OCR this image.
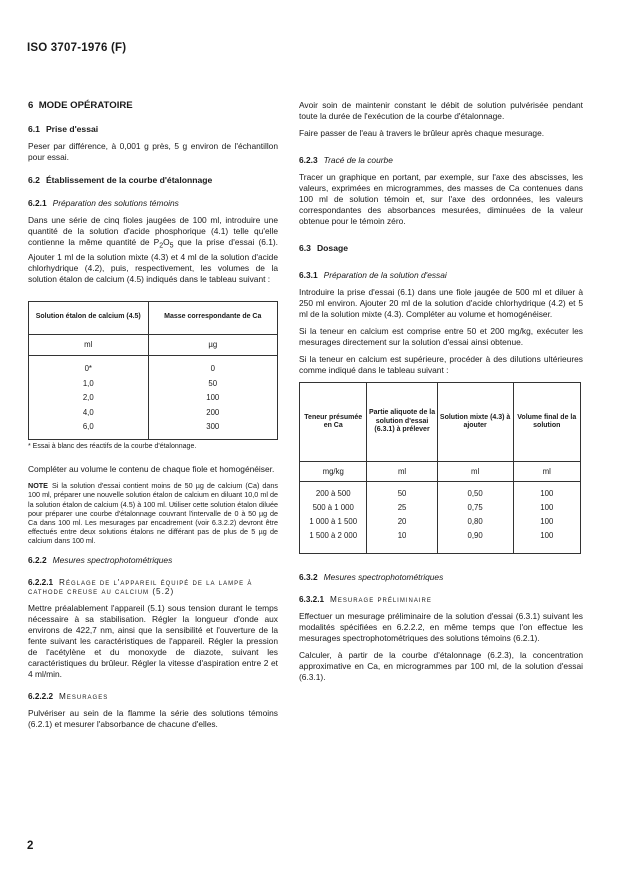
ISO 3707-1976 (F)
6 MODE OPÉRATOIRE
6.1 Prise d'essai

Peser par différence, à 0,001 g près, 5 g environ de l'échantillon pour essai.

6.2 Établissement de la courbe d'étalonnage
6.2.1 Préparation des solutions témoins

Dans une série de cinq fioles jaugées de 100 ml, introduire une quantité de la solution d'acide phosphorique (4.1) telle qu'elle contienne la même quantité de $P_2O_5$ que la prise d'essai (6.1). Ajouter 1 ml de la solution mixte (4.3) et 4 ml de la solution d'acide chlorhydrique (4.2), puis, respectivement, les volumes de la solution étalon de calcium (4.5) indiqués dans le tableau suivant :

Solution étalon de calcium (4.5)	Masse correspondante de Ca
ml	µg

0*	0
1,0	50
2,0	100
4,0	200
6,0	300

* Essai à blanc des réactifs de la courbe d'étalonnage.

Compléter au volume le contenu de chaque fiole et homogénéiser.

NOTE Si la solution d'essai contient moins de 50 µg de calcium (Ca) dans 100 ml, préparer une nouvelle solution étalon de calcium en diluant 10,0 ml de la solution étalon de calcium (4.5) à 100 ml. Utiliser cette solution étalon diluée pour préparer une courbe d'étalonnage couvrant l'intervalle de 0 à 50 µg de Ca dans 100 ml. Les mesurages par encadrement (voir 6.3.2.2) devront être effectués entre deux solutions étalons ne différant pas de plus de 5 µg de calcium dans 100 ml.

6.2.2 Mesures spectrophotométriques
6.2.2.1 Réglage de l'appareil équipé de la lampe à cathode creuse au calcium (5.2)

Mettre préalablement l'appareil (5.1) sous tension durant le temps nécessaire à sa stabilisation. Régler la longueur d'onde aux environs de 422,7 nm, ainsi que la sensibilité et l'ouverture de la fente suivant les caractéristiques de l'appareil. Régler la pression de l'acétylène et du monoxyde de diazote, suivant les caractéristiques du brûleur. Régler la vitesse d'aspiration entre 2 et 4 ml/min.

6.2.2.2 Mesurages

Pulvériser au sein de la flamme la série des solutions témoins (6.2.1) et mesurer l'absorbance de chacune d'elles.

Avoir soin de maintenir constant le débit de solution pulvérisée pendant toute la durée de l'exécution de la courbe d'étalonnage.

Faire passer de l'eau à travers le brûleur après chaque mesurage.

6.2.3 Tracé de la courbe

Tracer un graphique en portant, par exemple, sur l'axe des abscisses, les valeurs, exprimées en microgrammes, des masses de Ca contenues dans 100 ml de solution témoin et, sur l'axe des ordonnées, les valeurs correspondantes des absorbances mesurées, diminuées de la valeur obtenue pour le témoin zéro.

6.3 Dosage
6.3.1 Préparation de la solution d'essai

Introduire la prise d'essai (6.1) dans une fiole jaugée de 500 ml et diluer à 250 ml environ. Ajouter 20 ml de la solution d'acide chlorhydrique (4.2) et 5 ml de la solution mixte (4.3). Compléter au volume et homogénéiser.

Si la teneur en calcium est comprise entre 50 et 200 mg/kg, exécuter les mesurages directement sur la solution d'essai ainsi obtenue.

Si la teneur en calcium est supérieure, procéder à des dilutions ultérieures comme indiqué dans le tableau suivant :

Teneur présumée en Ca	Partie aliquote de la solution d'essai (6.3.1) à prélever	Solution mixte (4.3) à ajouter	Volume final de la solution
mg/kg	ml	ml	ml

200 à 500	50	0,50	100
500 à 1 000	25	0,75	100
1 000 à 1 500	20	0,80	100
1 500 à 2 000	10	0,90	100

6.3.2 Mesures spectrophotométriques
6.3.2.1 Mesurage préliminaire

Effectuer un mesurage préliminaire de la solution d'essai (6.3.1) suivant les modalités spécifiées en 6.2.2.2, en même temps que l'on effectue les mesurages spectrophotométriques des solutions témoins (6.2.1).

Calculer, à partir de la courbe d'étalonnage (6.2.3), la concentration approximative en Ca, en microgrammes par 100 ml, de la solution d'essai (6.3.1).

2
